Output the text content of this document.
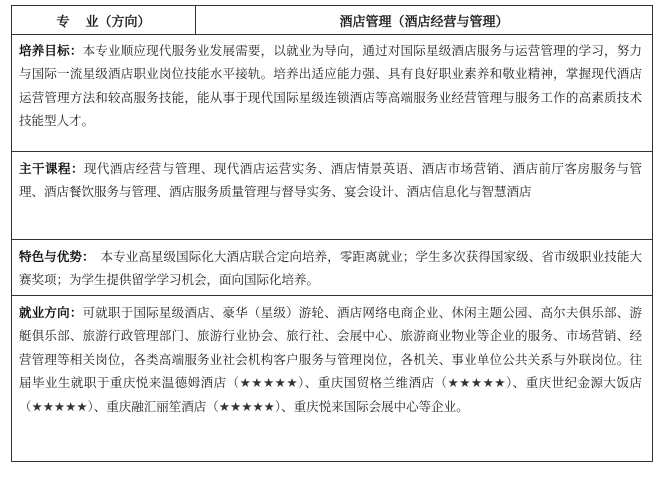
专 业（方向）	酒店管理（酒店经营与管理）
培养目标：本专业顺应现代服务业发展需要，以就业为导向，通过对国际星级酒店服务与运营管理的学习，努力与国际一流星级酒店职业岗位技能水平接轨。培养出适应能力强、具有良好职业素养和敬业精神，掌握现代酒店运营管理方法和较高服务技能，能从事于现代国际星级连锁酒店等高端服务业经营管理与服务工作的高素质技术技能型人才。
主干课程：现代酒店经营与管理、现代酒店运营实务、酒店情景英语、酒店市场营销、酒店前厅客房服务与管理、酒店餐饮服务与管理、酒店服务质量管理与督导实务、宴会设计、酒店信息化与智慧酒店
特色与优势： 本专业高星级国际化大酒店联合定向培养，零距离就业；学生多次获得国家级、省市级职业技能大赛奖项；为学生提供留学学习机会，面向国际化培养。
就业方向：可就职于国际星级酒店、豪华（星级）游轮、酒店网络电商企业、休闲主题公园、高尔夫俱乐部、游艇俱乐部、旅游行政管理部门、旅游行业协会、旅行社、会展中心、旅游商业物业等企业的服务、市场营销、经营管理等相关岗位，各类高端服务业社会机构客户服务与管理岗位，各机关、事业单位公共关系与外联岗位。往届毕业生就职于重庆悦来温德姆酒店（★★★★★）、重庆国贸格兰维酒店（★★★★★）、重庆世纪金源大饭店（★★★★★）、重庆融汇丽笙酒店（★★★★★）、重庆悦来国际会展中心等企业。
